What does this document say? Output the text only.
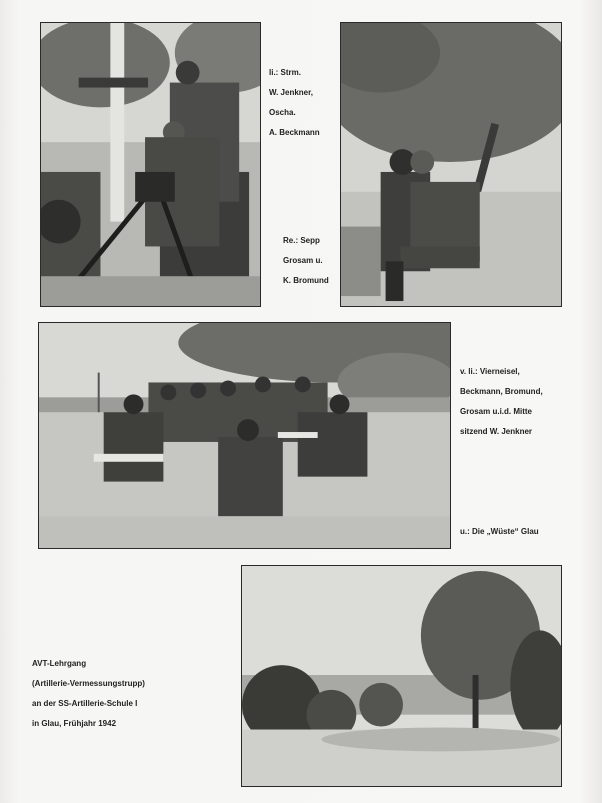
li.: Strm.

W. Jenkner,

Oscha.

A. Beckmann

Re.: Sepp

Grosam u.

K. Bromund

v. li.: Vierneisel,

Beckmann, Bromund,

Grosam u.i.d. Mitte

sitzend W. Jenkner

u.: Die „Wüste“ Glau

AVT-Lehrgang

(Artillerie-Vermessungstrupp)

an der SS-Artillerie-Schule I

in Glau, Frühjahr 1942
